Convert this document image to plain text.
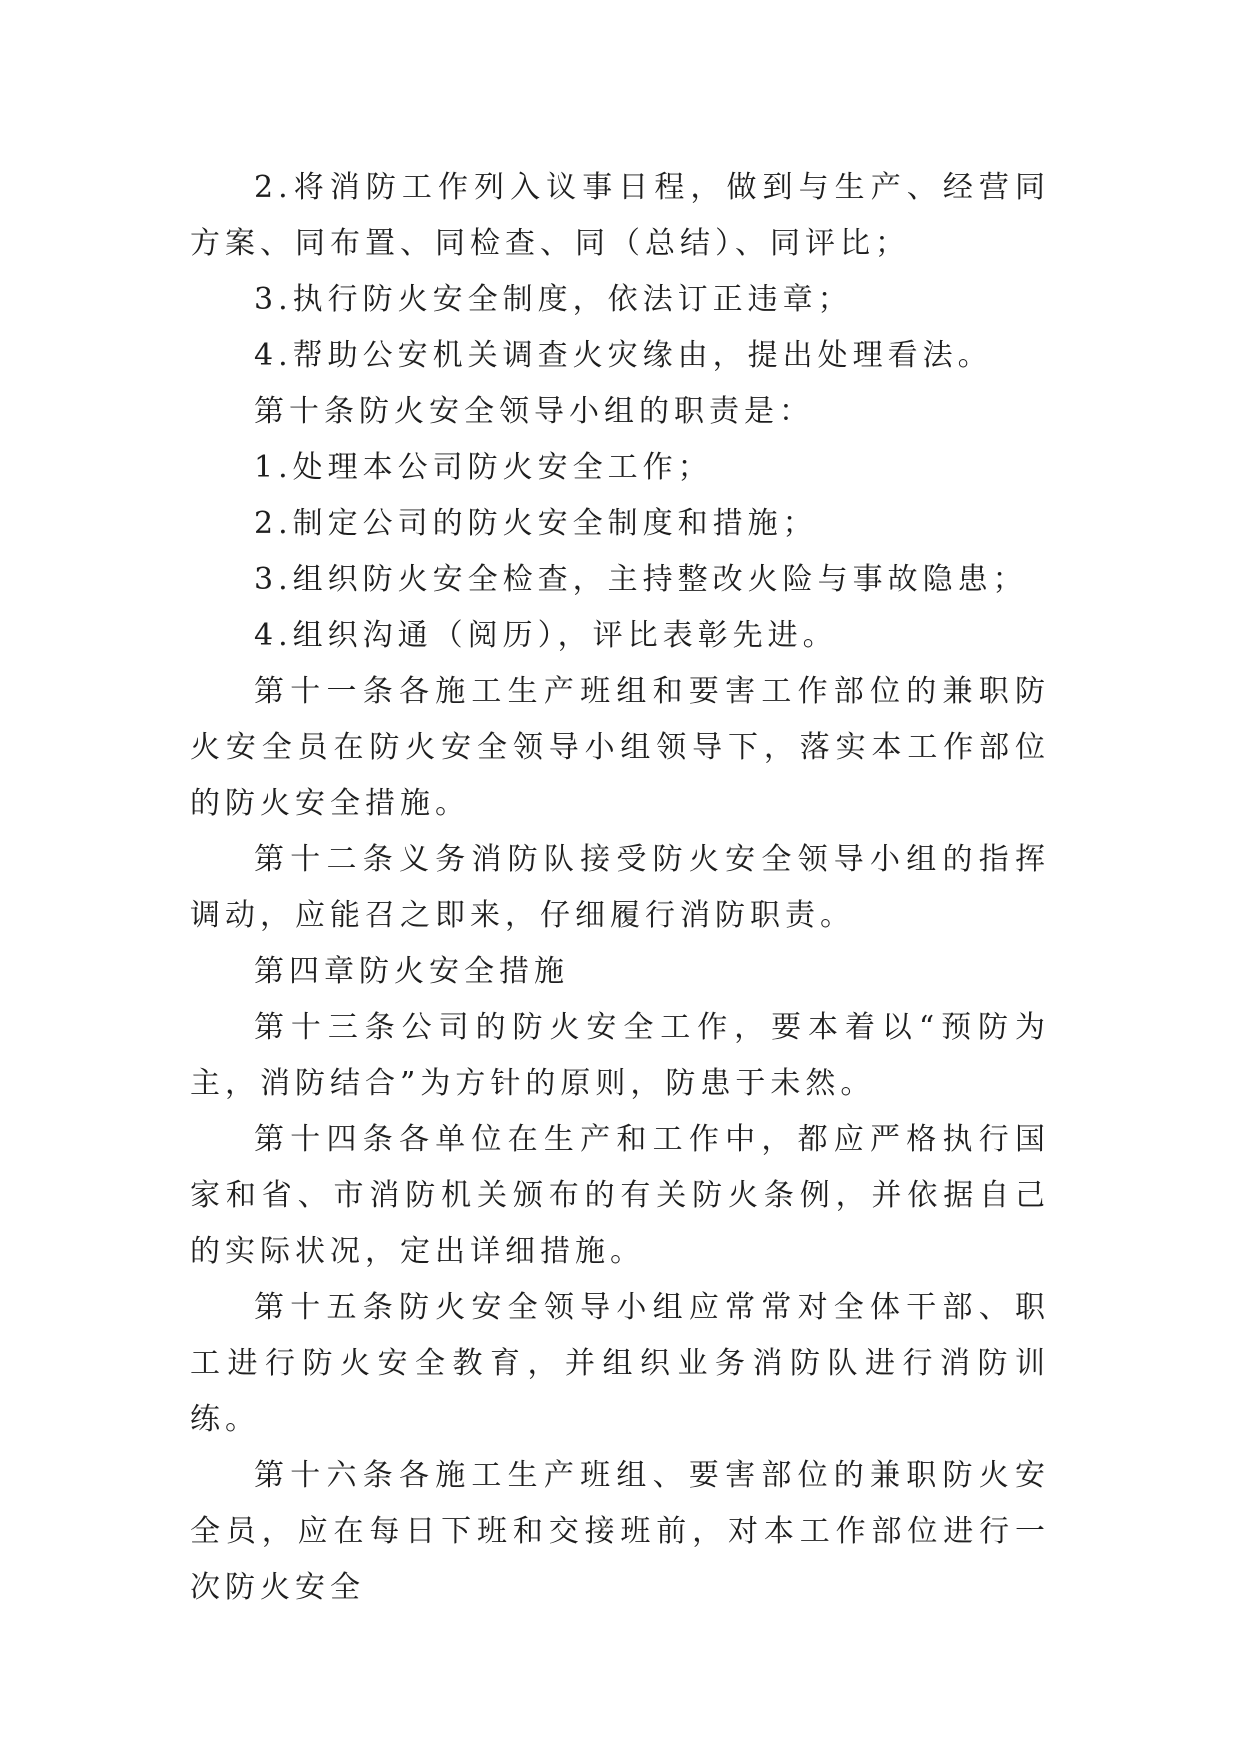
2.将消防工作列入议事日程，做到与生产、经营同方案、同布置、同检查、同（总结）、同评比；

3.执行防火安全制度，依法订正违章；

4.帮助公安机关调查火灾缘由，提出处理看法。

第十条防火安全领导小组的职责是：

1.处理本公司防火安全工作；

2.制定公司的防火安全制度和措施；

3.组织防火安全检查，主持整改火险与事故隐患；

4.组织沟通（阅历），评比表彰先进。

第十一条各施工生产班组和要害工作部位的兼职防火安全员在防火安全领导小组领导下，落实本工作部位的防火安全措施。

第十二条义务消防队接受防火安全领导小组的指挥调动，应能召之即来，仔细履行消防职责。

第四章防火安全措施

第十三条公司的防火安全工作，要本着以“预防为主，消防结合”为方针的原则，防患于未然。

第十四条各单位在生产和工作中，都应严格执行国家和省、市消防机关颁布的有关防火条例，并依据自己的实际状况，定出详细措施。

第十五条防火安全领导小组应常常对全体干部、职工进行防火安全教育，并组织业务消防队进行消防训练。

第十六条各施工生产班组、要害部位的兼职防火安全员，应在每日下班和交接班前，对本工作部位进行一次防火安全
